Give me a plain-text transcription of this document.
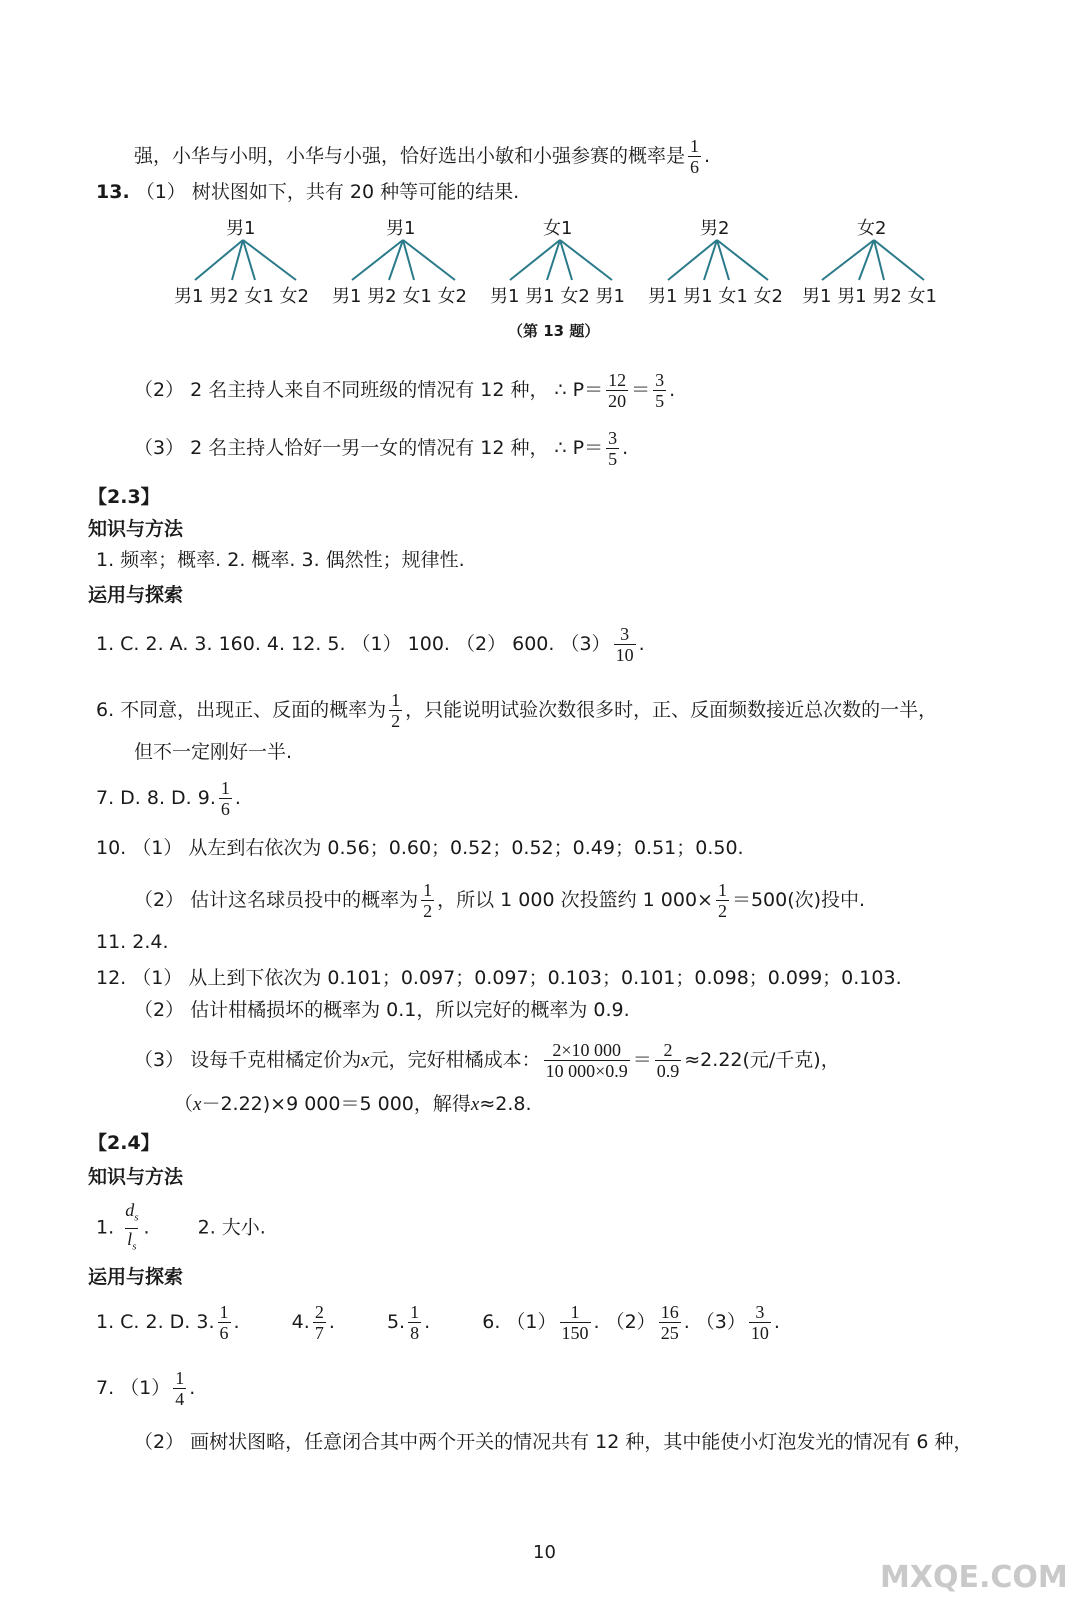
强，小华与小明，小华与小强，恰好选出小敏和小强参赛的概率是 $\frac{1}{6}$ .
13. （1） 树状图如下，共有 20 种等可能的结果.
男1	男1	女1	男2	女2
男1 男2 女1 女2 男1 男2 女1 女2 男1 男1 女2 男1 男1 男1 女1 女2 男1 男1 男2 女1
（第 13 题）
（2） 2 名主持人来自不同班级的情况有 12 种， ∴ $P= \frac{12}{20} = \frac{3}{5}$ .
（3） 2 名主持人恰好一男一女的情况有 12 种， ∴ $P= \frac{3}{5}$ .
【2.3】
知识与方法
1. 频率；概率. 2. 概率. 3. 偶然性；规律性.
运用与探索
1. C. 2. A. 3. 160. 4. 12. 5. （1） 100. （2） 600. $(3) \frac{3}{10}$ .
6. 不同意，出现正、反面的概率为 $\frac{1}{2}$ ，只能说明试验次数很多时，正、反面频数接近总次数的一半，
但不一定刚好一半.
7. D. 8. D. 9. $\frac{1}{6}$ .
10. （1） 从左到右依次为 0.56；0.60；0.52；0.52；0.49；0.51；0.50.
（2） 估计这名球员投中的概率为 $\frac{1}{2}$ ，所以 1 000 次投篮约 1 $000\times \frac{1}{2} =500$(次)投中.
11. 2.4.
12. （1） 从上到下依次为 0.101；0.097；0.097；0.103；0.101；0.098；0.099；0.103.
（2） 估计柑橘损坏的概率为 0.1，所以完好的概率为 0.9.
（3） 设每千克柑橘定价为x元，完好柑橘成本： $\frac{2\times 10 000}{10 000\times 0.9} = \frac{2}{0.9} \approx 2.22$(元/千克)，
（x－2.22)×9 000＝5 000，解得x≈2.8.
【2.4】
知识与方法
1. $\frac{d_s}{l_s}$ .	2. 大小.
运用与探索
1. C. 2. D. 3. $\frac{1}{6}$ .	4. $\frac{2}{7}$ .	5. $\frac{1}{8}$ .	6. $(1) \frac{1}{150}$ . $(2) \frac{16}{25}$ . $(3) \frac{3}{10}$ .
7. $(1) \frac{1}{4}$ .
（2） 画树状图略，任意闭合其中两个开关的情况共有 12 种，其中能使小灯泡发光的情况有 6 种，
10
MXQE.COM
